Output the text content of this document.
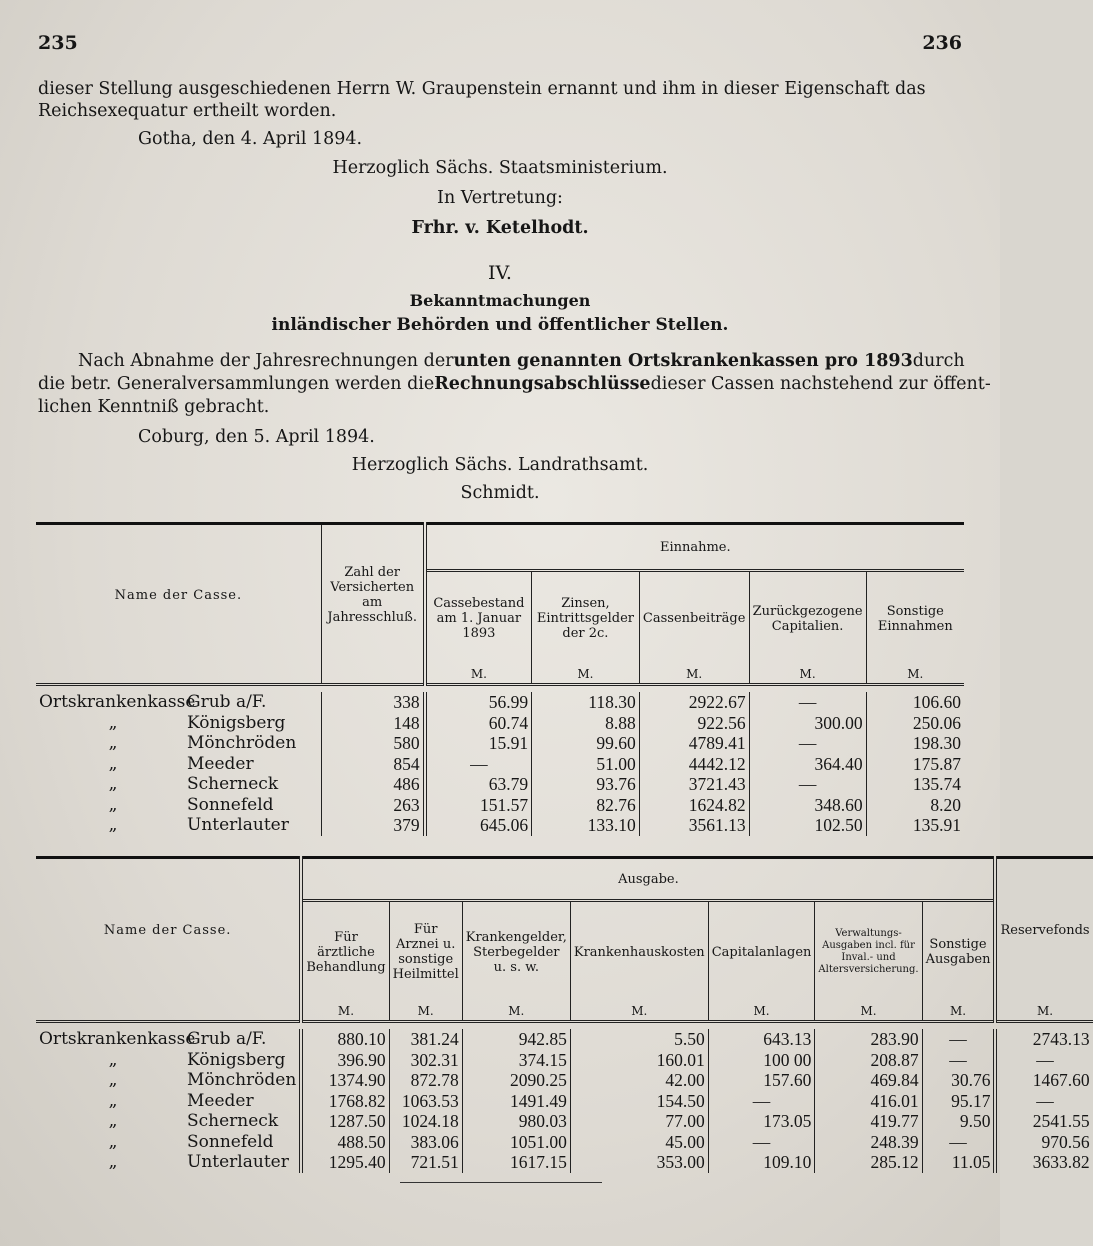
235	236
dieser Stellung ausgeschiedenen Herrn W. Graupenstein ernannt und ihm in dieser Eigenschaft das
Reichsexequatur ertheilt worden.
Gotha, den 4. April 1894.
Herzoglich Sächs. Staatsministerium.
In Vertretung:
Frhr. v. Ketelhodt.
IV.
Bekanntmachungen
inländischer Behörden und öffentlicher Stellen.
Nach Abnahme der Jahresrechnungen der unten genannten Ortskrankenkassen pro 1893 durch
die betr. Generalversammlungen werden die Rechnungsabschlüsse dieser Cassen nachstehend zur öffent-
lichen Kenntniß gebracht.
Coburg, den 5. April 1894.
Herzoglich Sächs. Landrathsamt.
Schmidt.
Name der Casse.	Zahl der Versicherten am Jahresschluß.	Einnahme.				
		Cassebestand am 1. Januar 1893	Zinsen, Eintrittsgelder der 2c.	Cassenbeiträge	Zurückgezogene Capitalien.	Sonstige Einnahmen
		M.	M.	M.	M.	M.

OrtskrankenkasseGrub a/F.	338	56.99	118.30	2922.67	—	106.60
„ Königsberg	148	60.74	8.88	922.56	300.00	250.06
„ Mönchröden	580	15.91	99.60	4789.41	—	198.30
„ Meeder	854	—	51.00	4442.12	364.40	175.87
„ Scherneck	486	63.79	93.76	3721.43	—	135.74
„ Sonnefeld	263	151.57	82.76	1624.82	348.60	8.20
„ Unterlauter	379	645.06	133.10	3561.13	102.50	135.91
Name der Casse.	Ausgabe.							Reservefonds
	Für ärztliche Behandlung	Für Arznei u. sonstige Heilmittel	Krankengelder, Sterbegelder u. s. w.	Krankenhauskosten	Capitalanlagen	Verwaltungs-Ausgaben incl. für Inval.- und Altersversicherung.	Sonstige Ausgaben	
	M.	M.	M.	M.	M.	M.	M.	M.

OrtskrankenkasseGrub a/F.	880.10	381.24	942.85	5.50	643.13	283.90	—	2743.13
„ Königsberg	396.90	302.31	374.15	160.01	100 00	208.87	—	—
„ Mönchröden	1374.90	872.78	2090.25	42.00	157.60	469.84	30.76	1467.60
„ Meeder	1768.82	1063.53	1491.49	154.50	—	416.01	95.17	—
„ Scherneck	1287.50	1024.18	980.03	77.00	173.05	419.77	9.50	2541.55
„ Sonnefeld	488.50	383.06	1051.00	45.00	—	248.39	—	970.56
„ Unterlauter	1295.40	721.51	1617.15	353.00	109.10	285.12	11.05	3633.82
